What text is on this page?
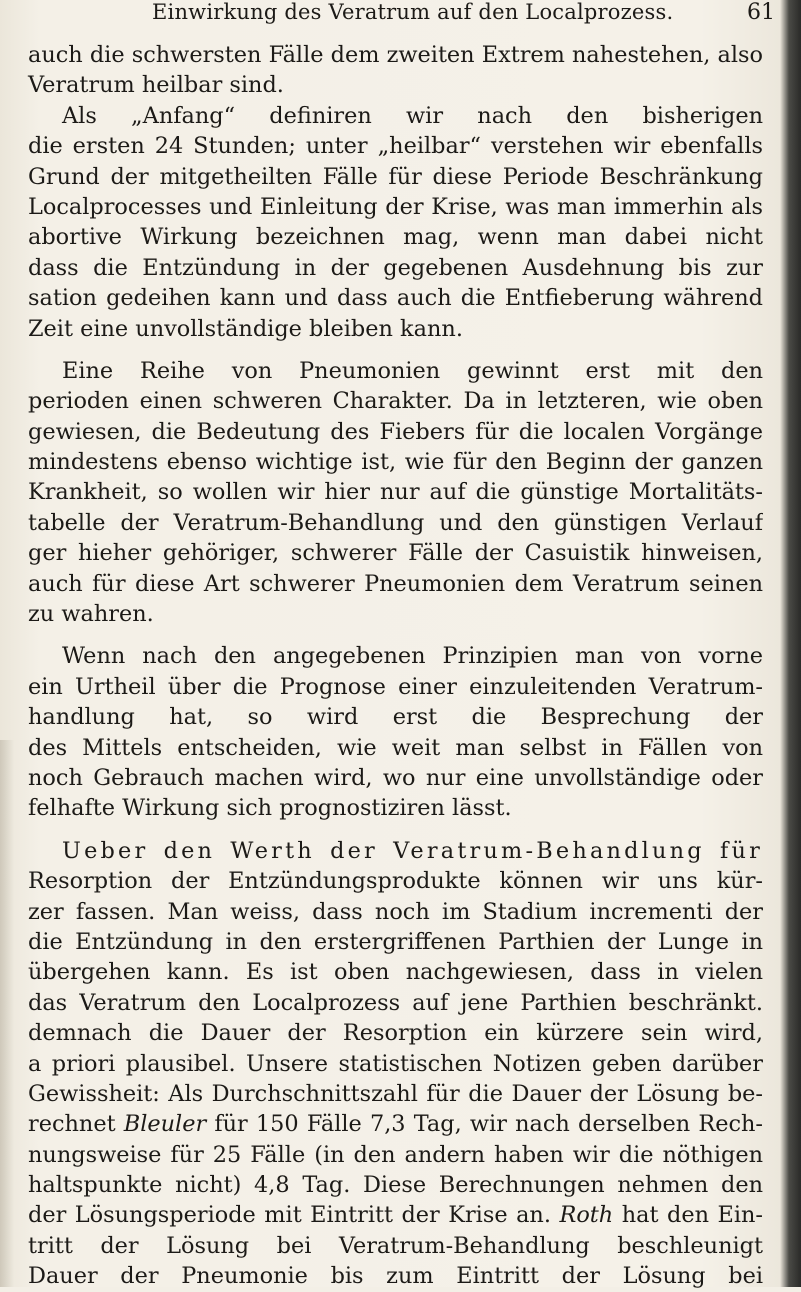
Einwirkung des Veratrum auf den Localprozess.	61
auch die schwersten Fälle dem zweiten Extrem nahestehen, also
Veratrum heilbar sind.
Als „Anfang“ definiren wir nach den bisherigen
die ersten 24 Stunden; unter „heilbar“ verstehen wir ebenfalls
Grund der mitgetheilten Fälle für diese Periode Beschränkung
Localprocesses und Einleitung der Krise, was man immerhin als
abortive Wirkung bezeichnen mag, wenn man dabei nicht
dass die Entzündung in der gegebenen Ausdehnung bis zur
sation gedeihen kann und dass auch die Entfieberung während
Zeit eine unvollständige bleiben kann.
Eine Reihe von Pneumonien gewinnt erst mit den
perioden einen schweren Charakter. Da in letzteren, wie oben
gewiesen, die Bedeutung des Fiebers für die localen Vorgänge
mindestens ebenso wichtige ist, wie für den Beginn der ganzen
Krankheit, so wollen wir hier nur auf die günstige Mortalitäts-
tabelle der Veratrum-Behandlung und den günstigen Verlauf
ger hieher gehöriger, schwerer Fälle der Casuistik hinweisen,
auch für diese Art schwerer Pneumonien dem Veratrum seinen
zu wahren.
Wenn nach den angegebenen Prinzipien man von vorne
ein Urtheil über die Prognose einer einzuleitenden Veratrum-
handlung hat, so wird erst die Besprechung der
des Mittels entscheiden, wie weit man selbst in Fällen von
noch Gebrauch machen wird, wo nur eine unvollständige oder
felhafte Wirkung sich prognostiziren lässt.
Ueber den Werth der Veratrum-Behandlung für
Resorption der Entzündungsprodukte können wir uns kür-
zer fassen. Man weiss, dass noch im Stadium incrementi der
die Entzündung in den erstergriffenen Parthien der Lunge in
übergehen kann. Es ist oben nachgewiesen, dass in vielen
das Veratrum den Localprozess auf jene Parthien beschränkt.
demnach die Dauer der Resorption ein kürzere sein wird,
a priori plausibel. Unsere statistischen Notizen geben darüber
Gewissheit: Als Durchschnittszahl für die Dauer der Lösung be-
rechnet Bleuler für 150 Fälle 7,3 Tag, wir nach derselben Rech-
nungsweise für 25 Fälle (in den andern haben wir die nöthigen
haltspunkte nicht) 4,8 Tag. Diese Berechnungen nehmen den
der Lösungsperiode mit Eintritt der Krise an. Roth hat den Ein-
tritt der Lösung bei Veratrum-Behandlung beschleunigt
Dauer der Pneumonie bis zum Eintritt der Lösung bei
